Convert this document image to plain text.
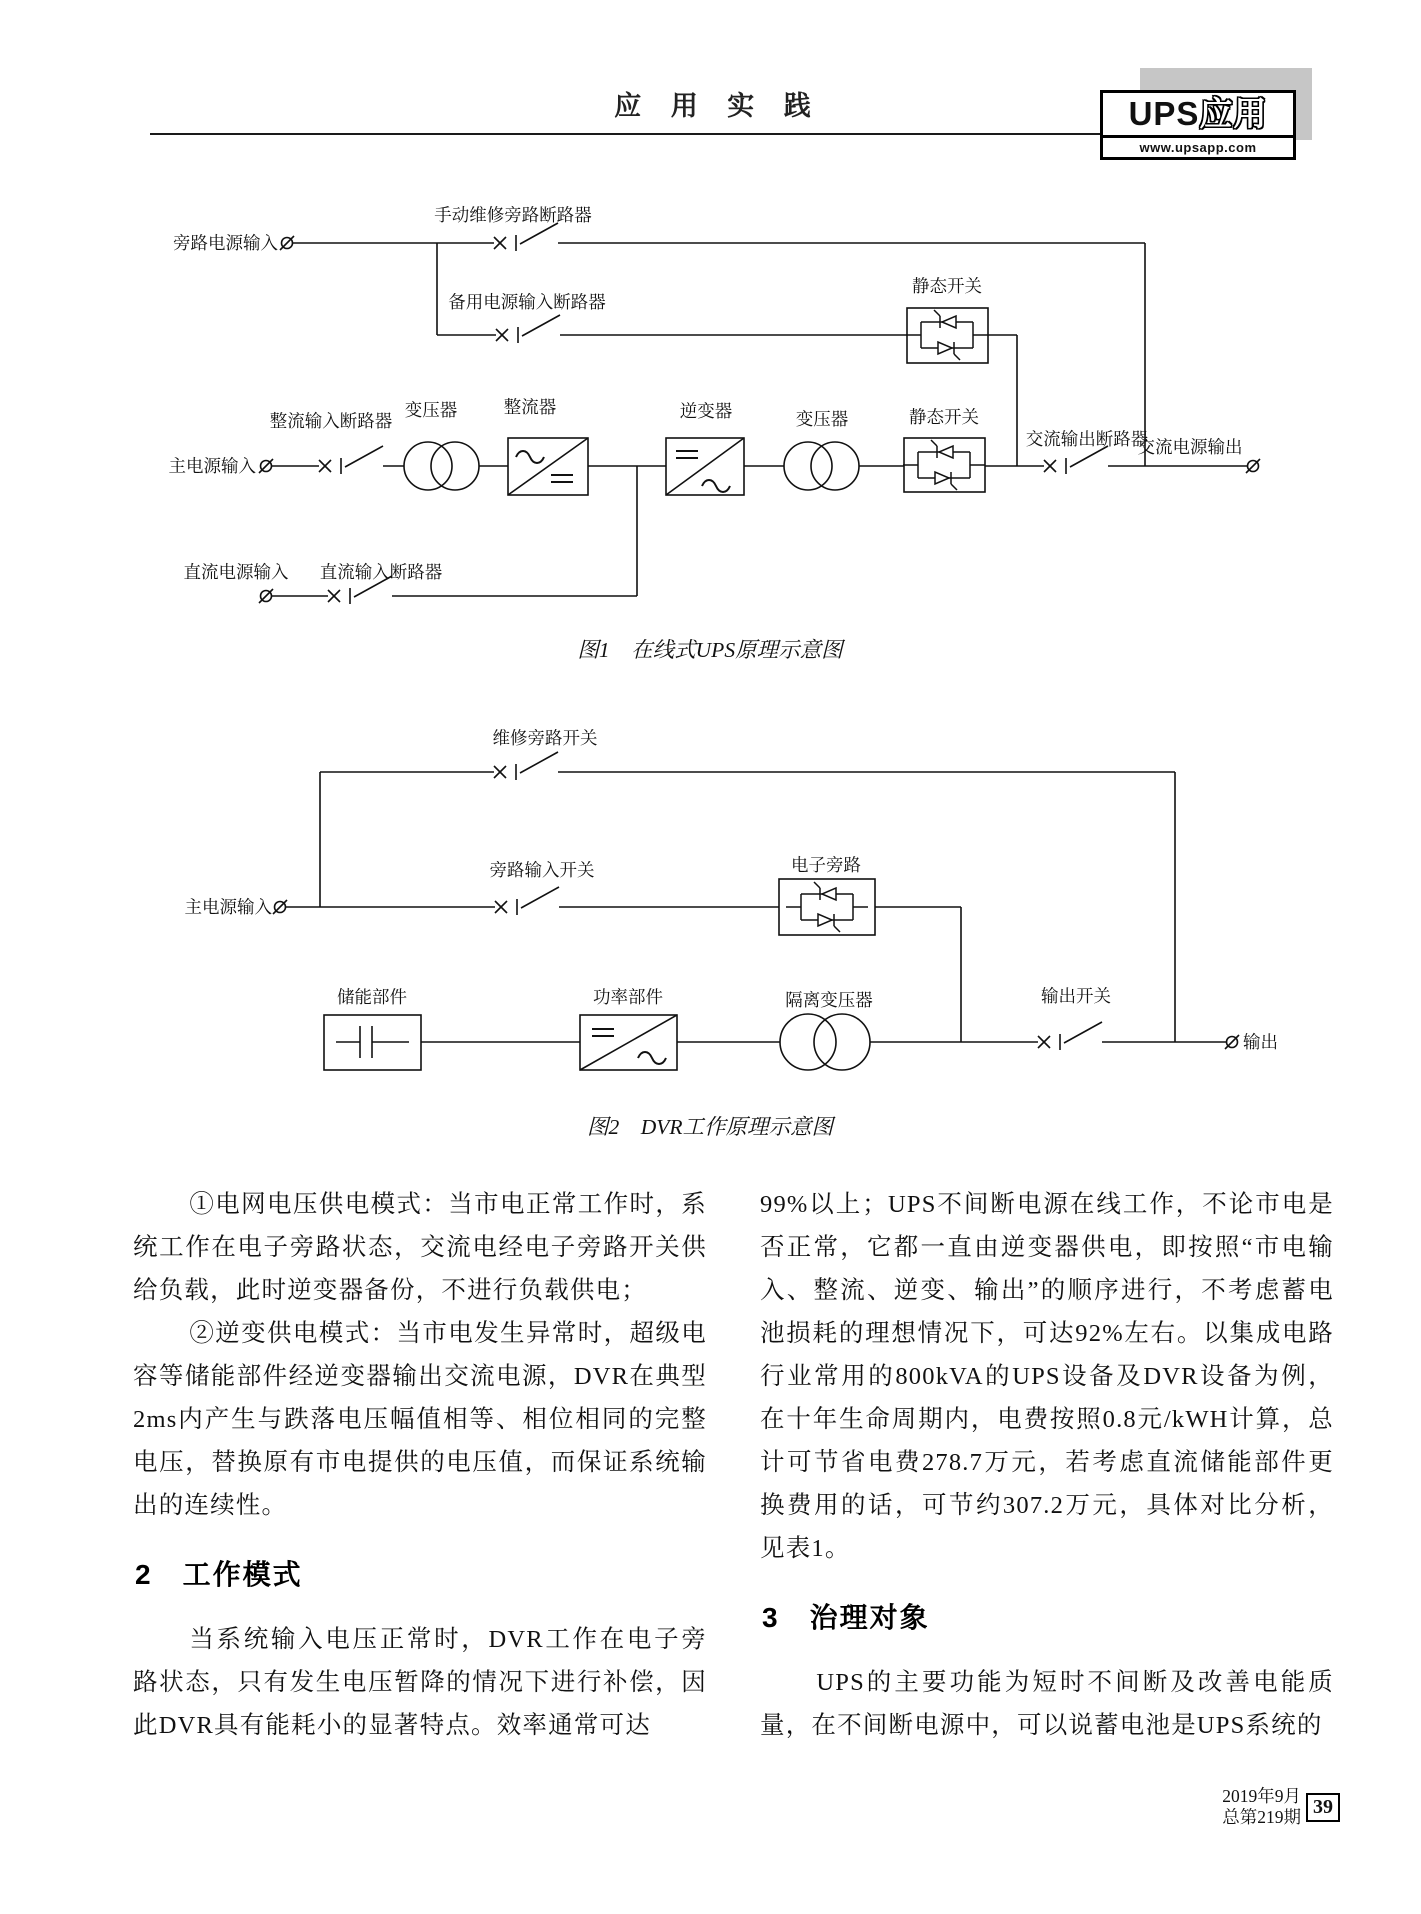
应 用 实 践	UPS应用
www.upsapp.com
旁路电源输入
手动维修旁路断路器
备用电源输入断路器
静态开关
主电源输入
整流输入断路器
变压器	整流器	逆变器	变压器	静态开关
交流输出断路器
交流电源输出
直流电源输入 直流输入断路器
图1　在线式UPS原理示意图
维修旁路开关
主电源输入
旁路输入开关	电子旁路
储能部件	功率部件	隔离变压器	输出开关
输出
图2　DVR工作原理示意图

①电网电压供电模式：当市电正常工作时，系统工作在电子旁路状态，交流电经电子旁路开关供给负载，此时逆变器备份，不进行负载供电；

②逆变供电模式：当市电发生异常时，超级电容等储能部件经逆变器输出交流电源，DVR在典型2ms内产生与跌落电压幅值相等、相位相同的完整电压，替换原有市电提供的电压值，而保证系统输出的连续性。

2　工作模式

当系统输入电压正常时，DVR工作在电子旁路状态，只有发生电压暂降的情况下进行补偿，因此DVR具有能耗小的显著特点。效率通常可达

99%以上；UPS不间断电源在线工作，不论市电是否正常，它都一直由逆变器供电，即按照“市电输入、整流、逆变、输出”的顺序进行，不考虑蓄电池损耗的理想情况下，可达92%左右。以集成电路行业常用的800kVA的UPS设备及DVR设备为例，在十年生命周期内，电费按照0.8元/kWH计算，总计可节省电费278.7万元，若考虑直流储能部件更换费用的话，可节约307.2万元，具体对比分析，见表1。

3　治理对象

UPS的主要功能为短时不间断及改善电能质量，在不间断电源中，可以说蓄电池是UPS系统的

2019年9月
总第219期 39
